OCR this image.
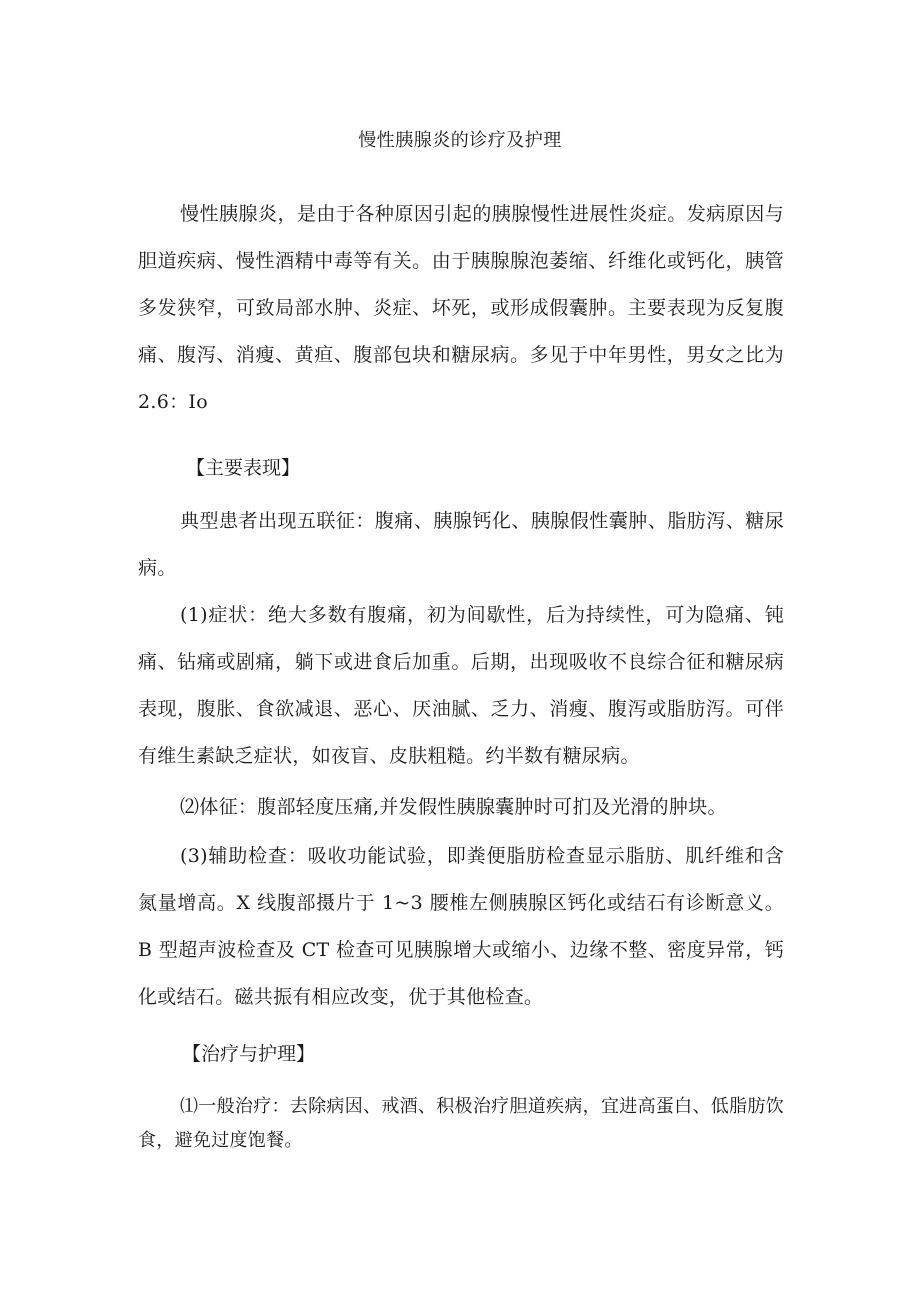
慢性胰腺炎的诊疗及护理

慢性胰腺炎，是由于各种原因引起的胰腺慢性进展性炎症。发病原因与胆道疾病、慢性酒精中毒等有关。由于胰腺腺泡萎缩、纤维化或钙化，胰管多发狭窄，可致局部水肿、炎症、坏死，或形成假囊肿。主要表现为反复腹痛、腹泻、消瘦、黄疸、腹部包块和糖尿病。多见于中年男性，男女之比为 2.6：Io

【主要表现】

典型患者出现五联征：腹痛、胰腺钙化、胰腺假性囊肿、脂肪泻、糖尿病。

(1)症状：绝大多数有腹痛，初为间歇性，后为持续性，可为隐痛、钝痛、钻痛或剧痛，躺下或进食后加重。后期，出现吸收不良综合征和糖尿病表现，腹胀、食欲减退、恶心、厌油腻、乏力、消瘦、腹泻或脂肪泻。可伴有维生素缺乏症状，如夜盲、皮肤粗糙。约半数有糖尿病。

⑵体征：腹部轻度压痛,并发假性胰腺囊肿时可扪及光滑的肿块。

(3)辅助检查：吸收功能试验，即粪便脂肪检查显示脂肪、肌纤维和含氮量增高。X 线腹部摄片于 1~3 腰椎左侧胰腺区钙化或结石有诊断意义。B 型超声波检查及 CT 检查可见胰腺增大或缩小、边缘不整、密度异常，钙化或结石。磁共振有相应改变，优于其他检查。

【治疗与护理】

⑴一般治疗：去除病因、戒酒、积极治疗胆道疾病，宜进高蛋白、低脂肪饮食，避免过度饱餐。
